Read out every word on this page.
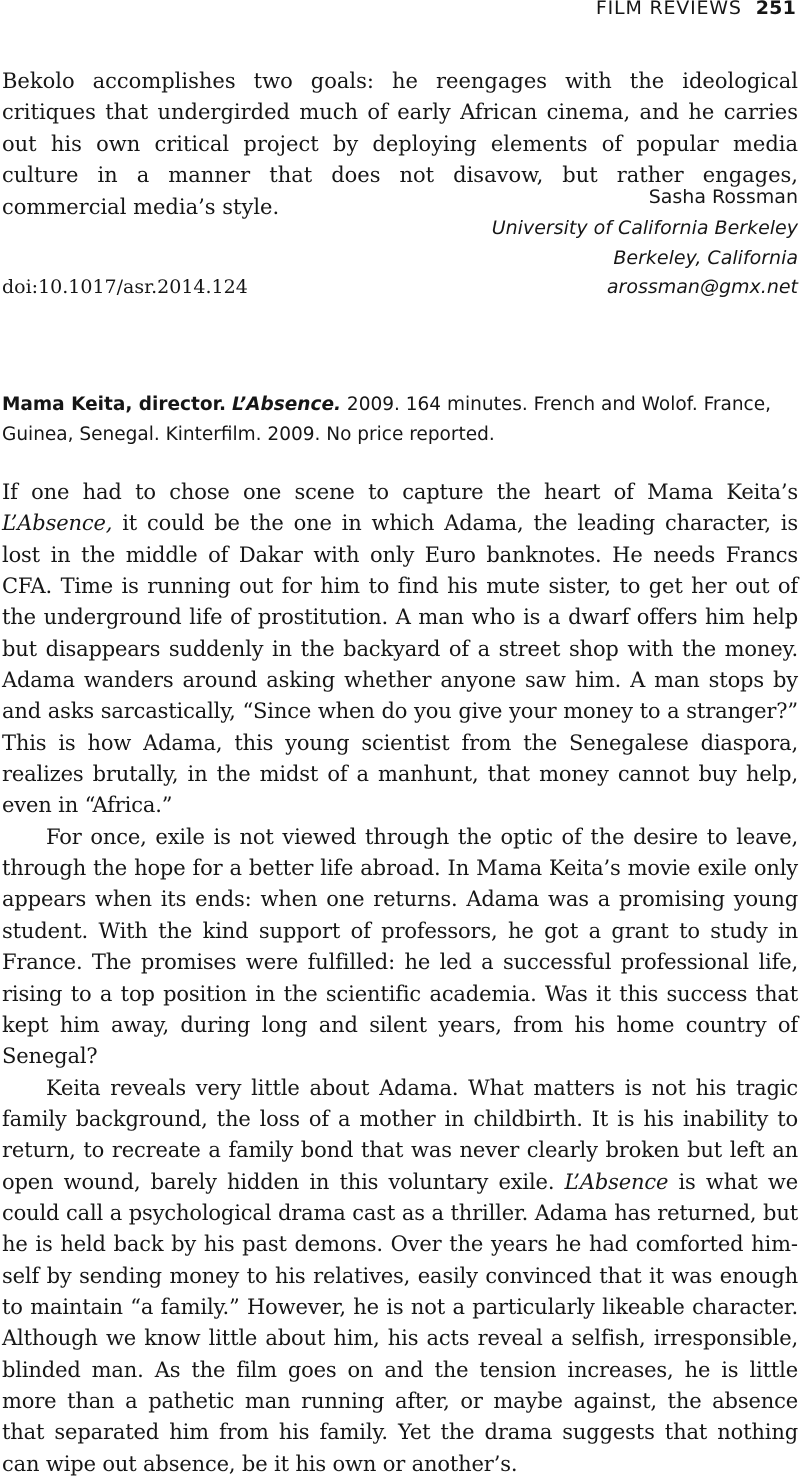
FILM REVIEWS 251

Bekolo accomplishes two goals: he reengages with the ideological critiques that undergirded much of early African cinema, and he carries out his own critical project by deploying elements of popular media culture in a manner that does not disavow, but rather engages, commercial media’s style.	Sasha Rossman
University of California Berkeley
Berkeley, California
arossman@gmx.net
doi:10.1017/asr.2014.124

Mama Keita, director. L’Absence. 2009. 164 minutes. French and Wolof. France, Guinea, Senegal. Kinterfilm. 2009. No price reported.

If one had to chose one scene to capture the heart of Mama Keita’s L’Absence, it could be the one in which Adama, the leading character, is lost in the middle of Dakar with only Euro banknotes. He needs Francs CFA. Time is running out for him to find his mute sister, to get her out of the underground life of prostitution. A man who is a dwarf offers him help but disappears suddenly in the backyard of a street shop with the money. Adama wanders around asking whether anyone saw him. A man stops by and asks sarcastically, “Since when do you give your money to a stranger?” This is how Adama, this young scientist from the Senegalese diaspora, realizes brutally, in the midst of a manhunt, that money cannot buy help, even in “Africa.”

For once, exile is not viewed through the optic of the desire to leave, through the hope for a better life abroad. In Mama Keita’s movie exile only appears when its ends: when one returns. Adama was a promising young student. With the kind support of professors, he got a grant to study in France. The promises were fulfilled: he led a successful professional life, rising to a top position in the scientific academia. Was it this success that kept him away, during long and silent years, from his home country of Senegal?

Keita reveals very little about Adama. What matters is not his tragic family background, the loss of a mother in childbirth. It is his inability to return, to recreate a family bond that was never clearly broken but left an open wound, barely hidden in this voluntary exile. L’Absence is what we could call a psychological drama cast as a thriller. Adama has returned, but he is held back by his past demons. Over the years he had comforted himself by sending money to his relatives, easily convinced that it was enough to maintain “a family.” However, he is not a particularly likeable character. Although we know little about him, his acts reveal a selfish, irresponsible, blinded man. As the film goes on and the tension increases, he is little more than a pathetic man running after, or maybe against, the absence that separated him from his family. Yet the drama suggests that nothing can wipe out absence, be it his own or another’s.
